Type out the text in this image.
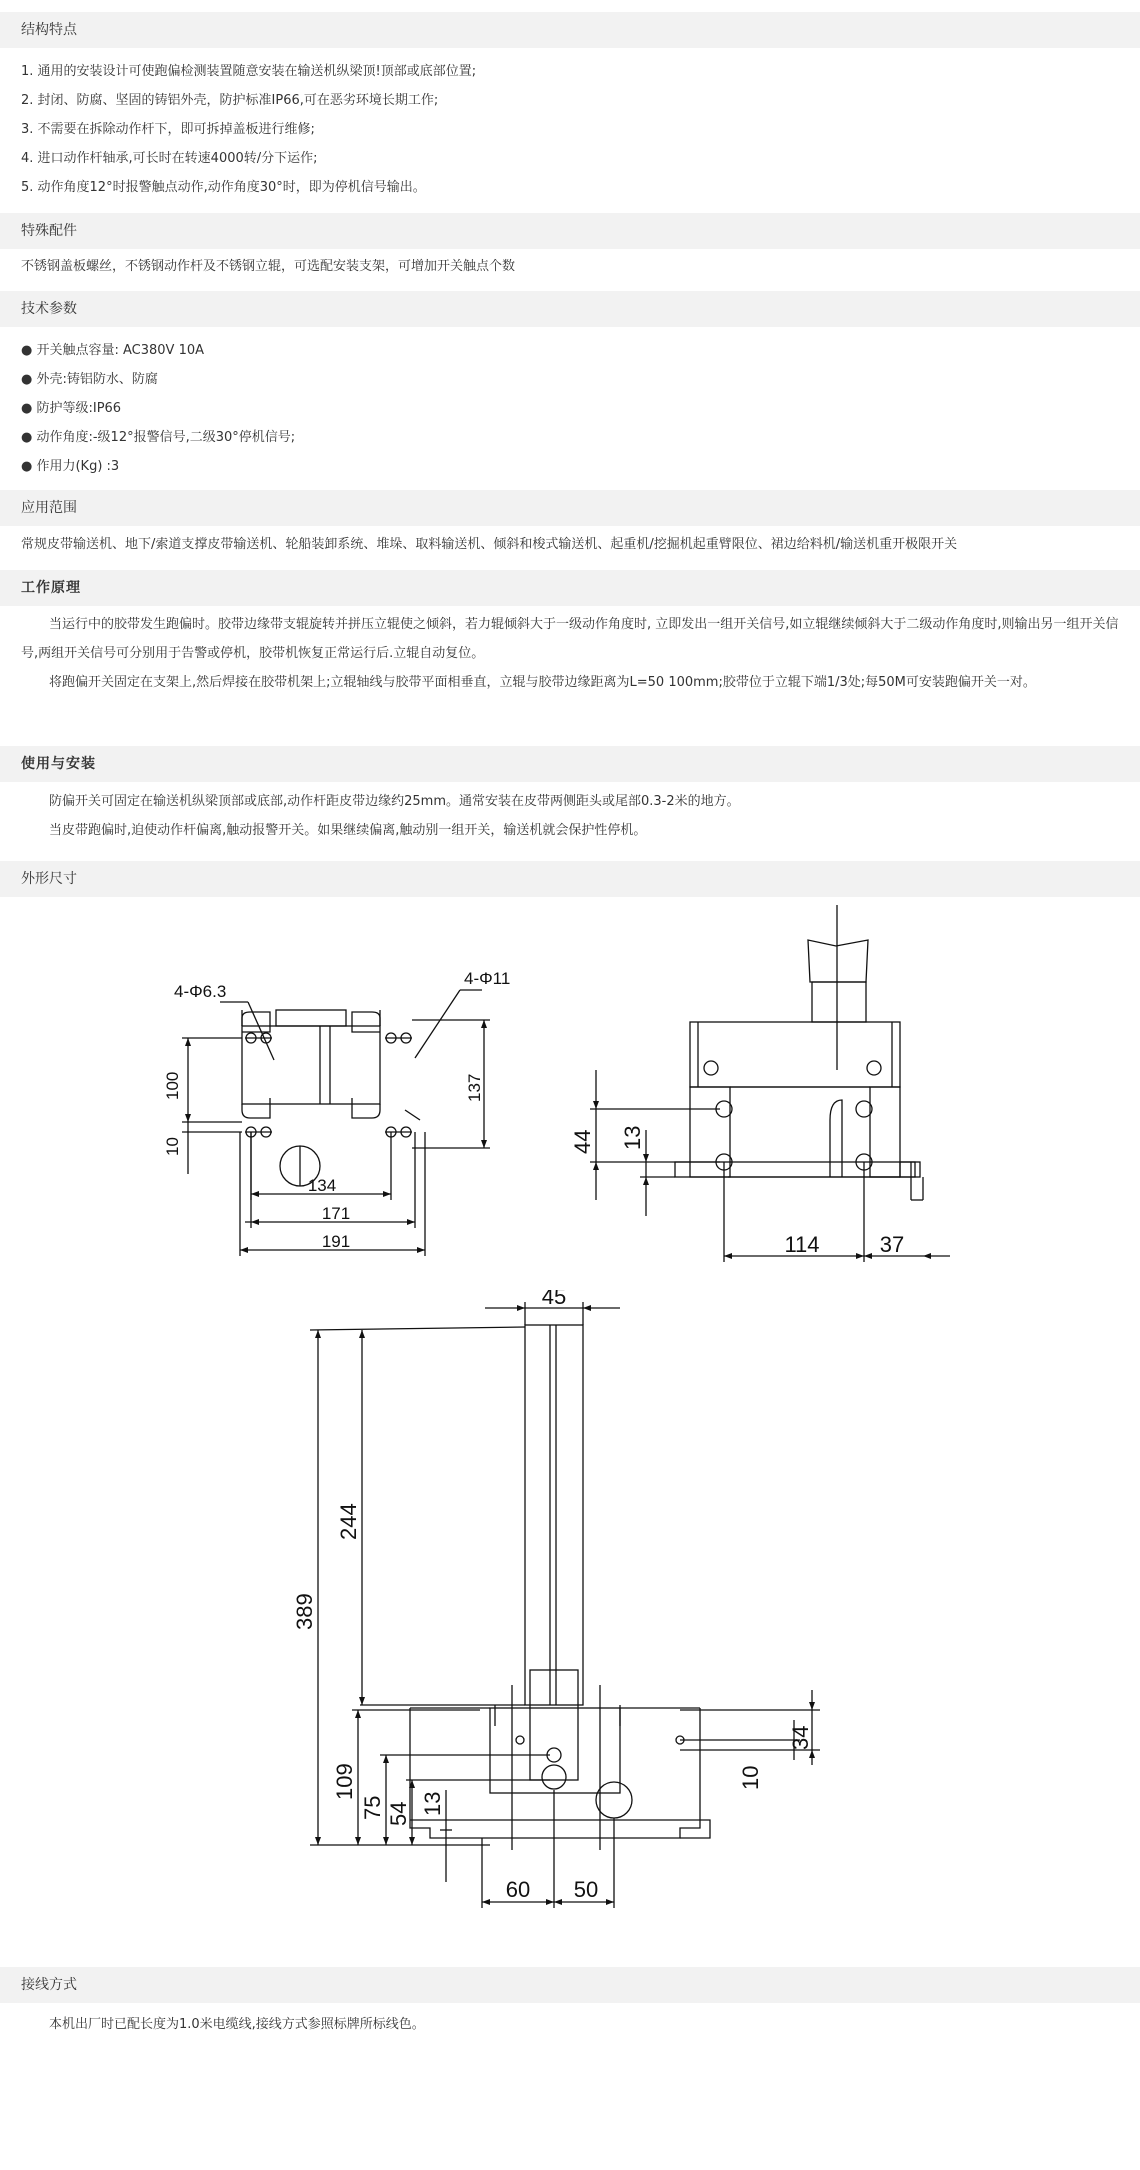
结构特点
1. 通用的安装设计可使跑偏检测装置随意安装在输送机纵梁顶!顶部或底部位置;
2. 封闭、防腐、坚固的铸铝外壳，防护标准IP66,可在恶劣环境长期工作;
3. 不需要在拆除动作杆下，即可拆掉盖板进行维修;
4. 进口动作杆轴承,可长时在转速4000转/分下运作;
5. 动作角度12°时报警触点动作,动作角度30°时，即为停机信号输出。
特殊配件
不锈钢盖板螺丝，不锈钢动作杆及不锈钢立辊，可选配安装支架，可增加开关触点个数
技术参数
● 开关触点容量: AC380V 10A
● 外壳:铸铝防水、防腐
● 防护等级:IP66
● 动作角度:-级12°报警信号,二级30°停机信号;
● 作用力(Kg) :3
应用范围
常规皮带输送机、地下/索道支撑皮带输送机、轮船装卸系统、堆垛、取料输送机、倾斜和梭式输送机、起重机/挖掘机起重臂限位、裙边给料机/输送机重开极限开关
工作原理

当运行中的胶带发生跑偏时。胶带边缘带支辊旋转并拼压立辊使之倾斜，若力辊倾斜大于一级动作角度时, 立即发出一组开关信号,如立辊继续倾斜大于二级动作角度时,则输出另一组开关信号,两组开关信号可分别用于告警或停机，胶带机恢复正常运行后.立辊自动复位。

将跑偏开关固定在支架上,然后焊接在胶带机架上;立辊轴线与胶带平面相垂直，立辊与胶带边缘距离为L=50 100mm;胶带位于立辊下端1/3处;每50M可安装跑偏开关一对。

使用与安装
防偏开关可固定在输送机纵梁顶部或底部,动作杆距皮带边缘约25mm。通常安装在皮带两侧距头或尾部0.3-2米的地方。
当皮带跑偏时,迫使动作杆偏离,触动报警开关。如果继续偏离,触动别一组开关，输送机就会保护性停机。
外形尺寸
4-Φ6.3
4-Φ11
100
10
137
134
171
191
44 13
114	37
45
244
389
109
75 54 13
34
10
60 50
接线方式
本机出厂时已配长度为1.0米电缆线,接线方式参照标牌所标线色。
